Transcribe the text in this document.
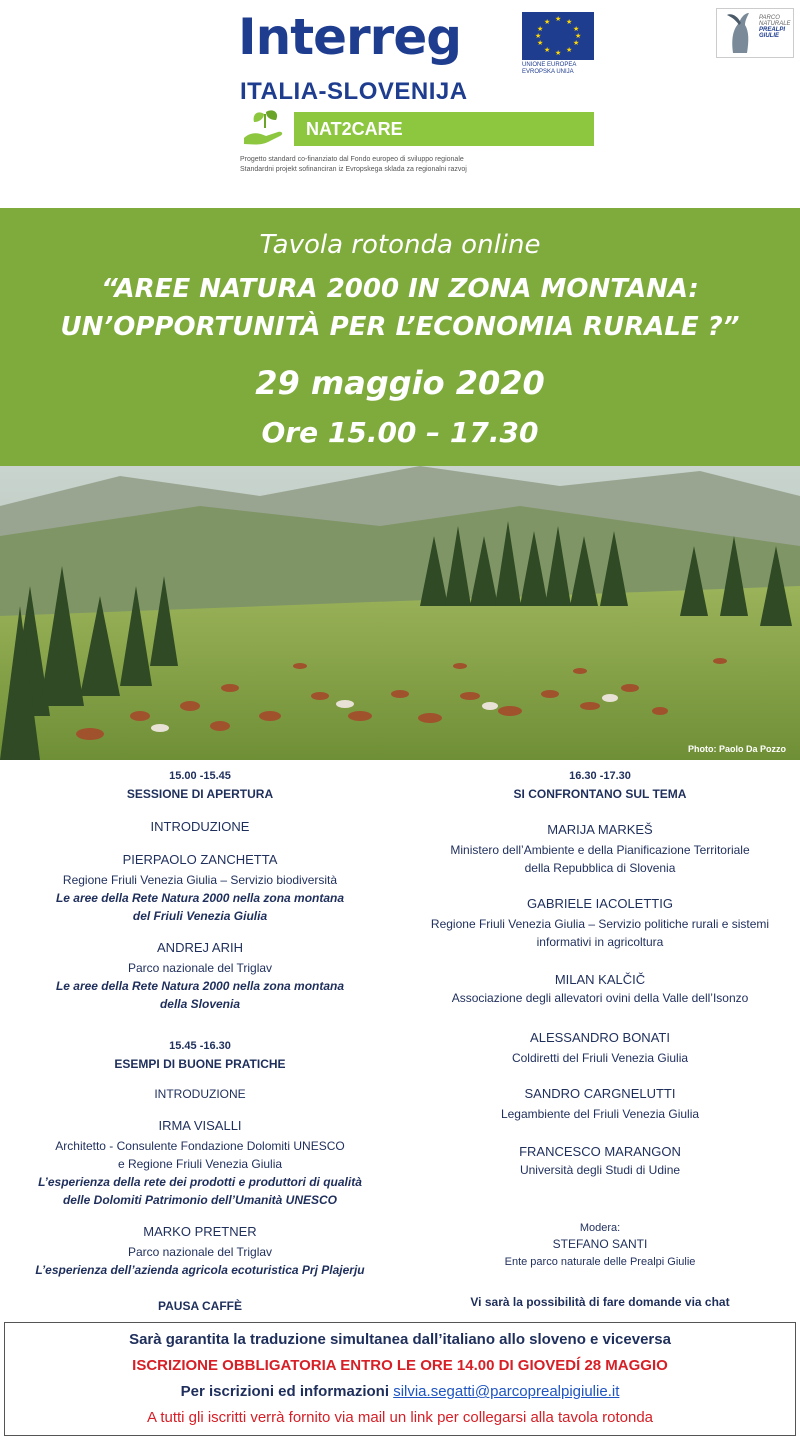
Interreg	★ ★
★
★
★
★
★
★
★
★
★
★
UNIONE EUROPEA
EVROPSKA UNIJA
ITALIA-SLOVENIJA
NAT2CARE
Progetto standard co-finanziato dal Fondo europeo di sviluppo regionale
Standardni projekt sofinanciran iz Evropskega sklada za regionalni razvoj
PARCO
NATURALE
PREALPI
GIULIE
Tavola rotonda online
“AREE NATURA 2000 IN ZONA MONTANA:
UN’OPPORTUNITÀ PER L’ECONOMIA RURALE ?”
29 maggio 2020
Ore 15.00 – 17.30
Photo: Paolo Da Pozzo
15.00 -15.45
SESSIONE DI APERTURA
INTRODUZIONE
PIERPAOLO ZANCHETTA
Regione Friuli Venezia Giulia – Servizio biodiversità
Le aree della Rete Natura 2000 nella zona montana
del Friuli Venezia Giulia
ANDREJ ARIH
Parco nazionale del Triglav
Le aree della Rete Natura 2000 nella zona montana
della Slovenia
15.45 -16.30
ESEMPI DI BUONE PRATICHE
INTRODUZIONE
IRMA VISALLI
Architetto - Consulente Fondazione Dolomiti UNESCO
e Regione Friuli Venezia Giulia
L’esperienza della rete dei prodotti e produttori di qualità
delle Dolomiti Patrimonio dell’Umanità UNESCO
MARKO PRETNER
Parco nazionale del Triglav
L’esperienza dell’azienda agricola ecoturistica Prj Plajerju
PAUSA CAFFÈ
16.30 -17.30
SI CONFRONTANO SUL TEMA
MARIJA MARKEŠ
Ministero dell’Ambiente e della Pianificazione Territoriale
della Repubblica di Slovenia
GABRIELE IACOLETTIG
Regione Friuli Venezia Giulia – Servizio politiche rurali e sistemi
informativi in agricoltura
MILAN KALČIČ
Associazione degli allevatori ovini della Valle dell’Isonzo
ALESSANDRO BONATI
Coldiretti del Friuli Venezia Giulia
SANDRO CARGNELUTTI
Legambiente del Friuli Venezia Giulia
FRANCESCO MARANGON
Università degli Studi di Udine
Modera:
STEFANO SANTI
Ente parco naturale delle Prealpi Giulie
Vi sarà la possibilità di fare domande via chat
Sarà garantita la traduzione simultanea dall’italiano allo sloveno e viceversa
ISCRIZIONE OBBLIGATORIA ENTRO LE ORE 14.00 DI GIOVEDÍ 28 MAGGIO
Per iscrizioni ed informazioni silvia.segatti@parcoprealpigiulie.it
A tutti gli iscritti verrà fornito via mail un link per collegarsi alla tavola rotonda
